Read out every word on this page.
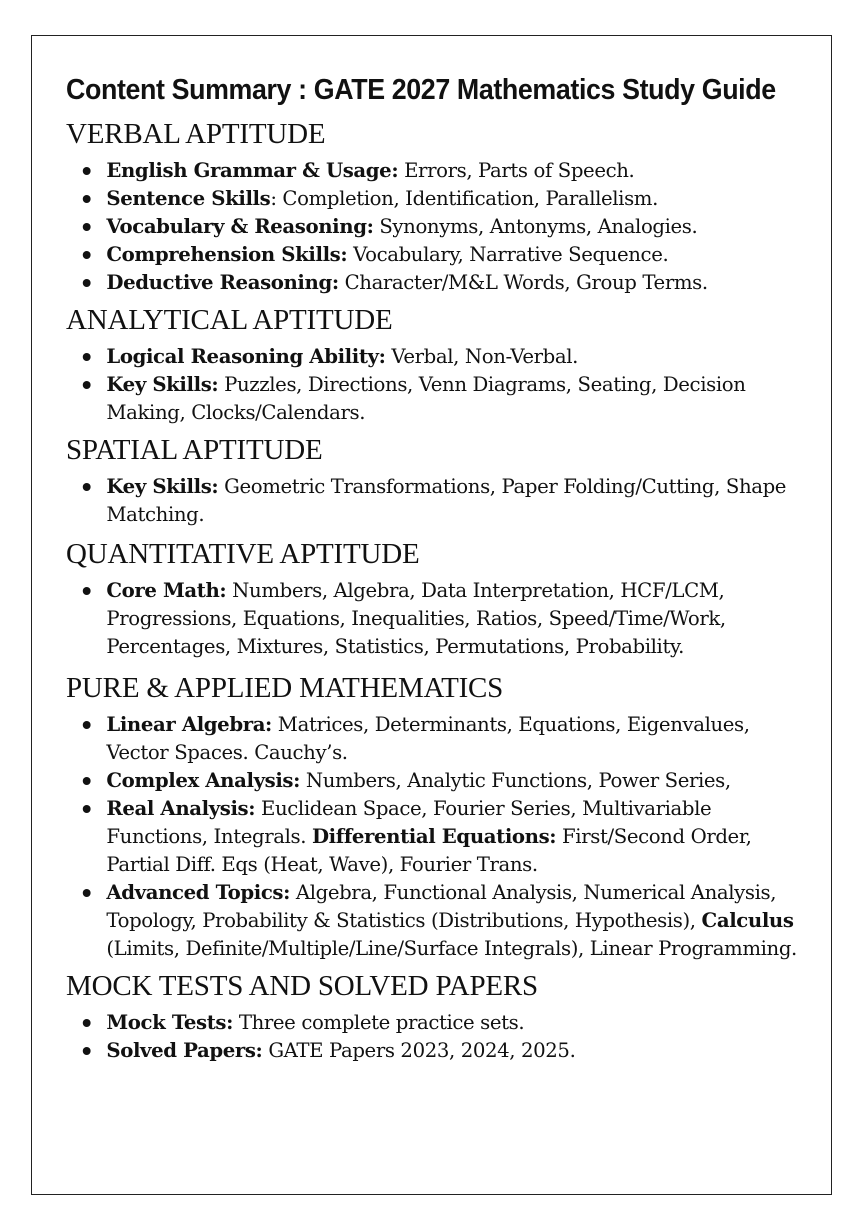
Content Summary : GATE 2027 Mathematics Study Guide
VERBAL APTITUDE
English Grammar & Usage: Errors, Parts of Speech.
Sentence Skills: Completion, Identification, Parallelism.
Vocabulary & Reasoning: Synonyms, Antonyms, Analogies.
Comprehension Skills: Vocabulary, Narrative Sequence.
Deductive Reasoning: Character/M&L Words, Group Terms.
ANALYTICAL APTITUDE
Logical Reasoning Ability: Verbal, Non-Verbal.
Key Skills: Puzzles, Directions, Venn Diagrams, Seating, Decision Making, Clocks/Calendars.
SPATIAL APTITUDE
Key Skills: Geometric Transformations, Paper Folding/Cutting, Shape Matching.
QUANTITATIVE APTITUDE
Core Math: Numbers, Algebra, Data Interpretation, HCF/LCM, Progressions, Equations, Inequalities, Ratios, Speed/Time/Work, Percentages, Mixtures, Statistics, Permutations, Probability.
PURE & APPLIED MATHEMATICS
Linear Algebra: Matrices, Determinants, Equations, Eigenvalues, Vector Spaces. Cauchy’s.
Complex Analysis: Numbers, Analytic Functions, Power Series,
Real Analysis: Euclidean Space, Fourier Series, Multivariable Functions, Integrals. Differential Equations: First/Second Order, Partial Diff. Eqs (Heat, Wave), Fourier Trans.
Advanced Topics: Algebra, Functional Analysis, Numerical Analysis, Topology, Probability & Statistics (Distributions, Hypothesis), Calculus (Limits, Definite/Multiple/Line/Surface Integrals), Linear Programming.
MOCK TESTS AND SOLVED PAPERS
Mock Tests: Three complete practice sets.
Solved Papers: GATE Papers 2023, 2024, 2025.
